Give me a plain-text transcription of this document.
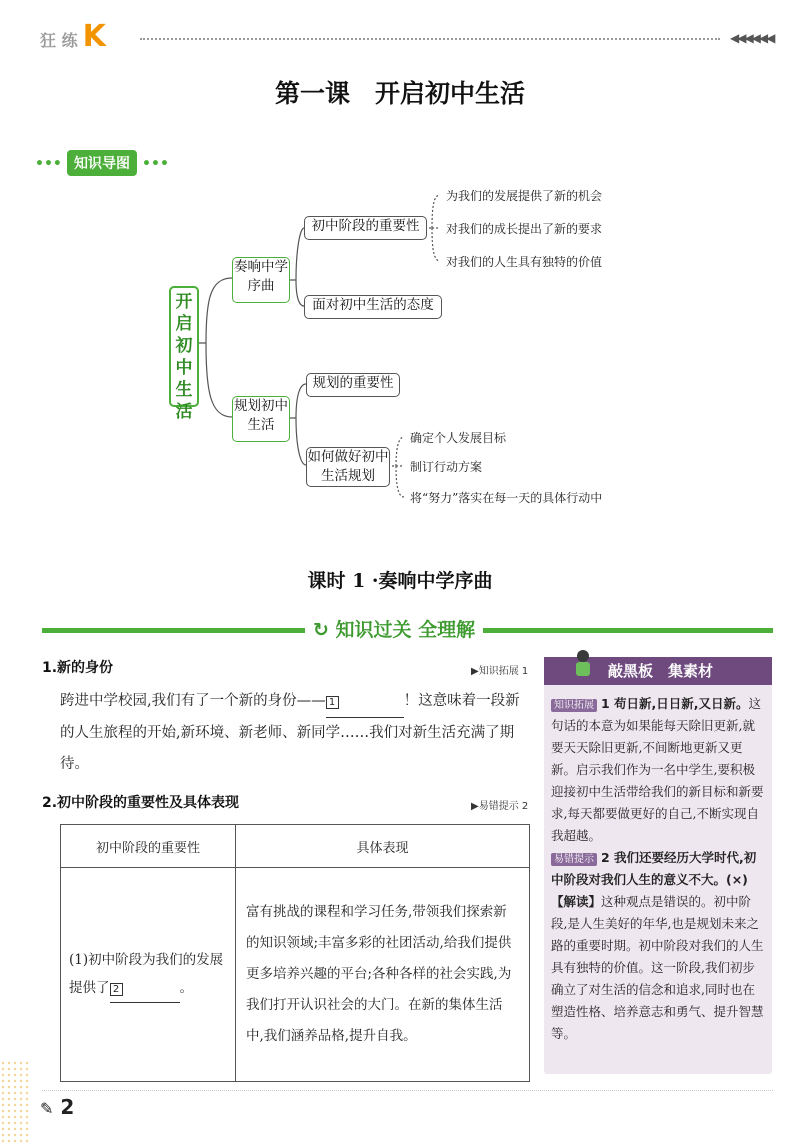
狂 练 K	◀◀◀◀◀◀
第一课　开启初中生活
••• 知识导图 •••
开启初中生活
奏响中学序曲
初中阶段的重要性
为我们的发展提供了新的机会
对我们的成长提出了新的要求
对我们的人生具有独特的价值
面对初中生活的态度
规划初中生活
规划的重要性
如何做好初中生活规划
确定个人发展目标
制订行动方案
将“努力”落实在每一天的具体行动中
课时 1 ·奏响中学序曲
↻ 知识过关 全理解
1.新的身份	▶知识拓展 1
跨进中学校园,我们有了一个新的身份—— 1	！这意味着一段新的人生旅程的开始,新环境、新老师、新同学……我们对新生活充满了期待。
2.初中阶段的重要性及具体表现	▶易错提示 2
初中阶段的重要性	具体表现
(1)初中阶段为我们的发展提供了 2 。	富有挑战的课程和学习任务,带领我们探索新的知识领域;丰富多彩的社团活动,给我们提供更多培养兴趣的平台;各种各样的社会实践,为我们打开认识社会的大门。在新的集体生活中,我们涵养品格,提升自我。
敲黑板　集素材
知识拓展 1 苟日新,日日新,又日新。这句话的本意为如果能每天除旧更新,就要天天除旧更新,不间断地更新又更新。启示我们作为一名中学生,要积极迎接初中生活带给我们的新目标和新要求,每天都要做更好的自己,不断实现自我超越。
易错提示 2 我们还要经历大学时代,初中阶段对我们人生的意义不大。(×)
【解读】这种观点是错误的。初中阶段,是人生美好的年华,也是规划未来之路的重要时期。初中阶段对我们的人生具有独特的价值。这一阶段,我们初步确立了对生活的信念和追求,同时也在塑造性格、培养意志和勇气、提升智慧等。
✎ 2
